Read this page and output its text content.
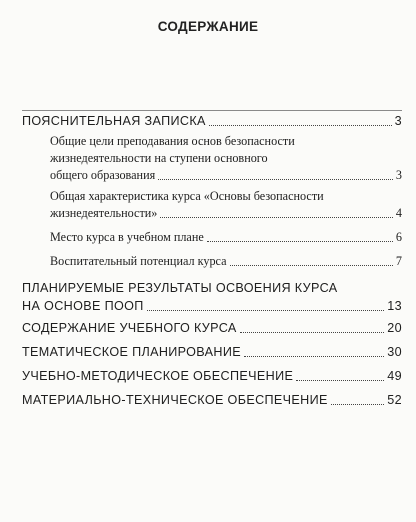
СОДЕРЖАНИЕ
ПОЯСНИТЕЛЬНАЯ ЗАПИСКА	3
Общие цели преподавания основ безопасности
жизнедеятельности на ступени основного
общего образования	3
Общая характеристика курса «Основы безопасности
жизнедеятельности»	4
Место курса в учебном плане	6
Воспитательный потенциал курса	7
ПЛАНИРУЕМЫЕ РЕЗУЛЬТАТЫ ОСВОЕНИЯ КУРСА
НА ОСНОВЕ ПООП	13
СОДЕРЖАНИЕ УЧЕБНОГО КУРСА	20
ТЕМАТИЧЕСКОЕ ПЛАНИРОВАНИЕ	30
УЧЕБНО-МЕТОДИЧЕСКОЕ ОБЕСПЕЧЕНИЕ	49
МАТЕРИАЛЬНО-ТЕХНИЧЕСКОЕ ОБЕСПЕЧЕНИЕ	52
